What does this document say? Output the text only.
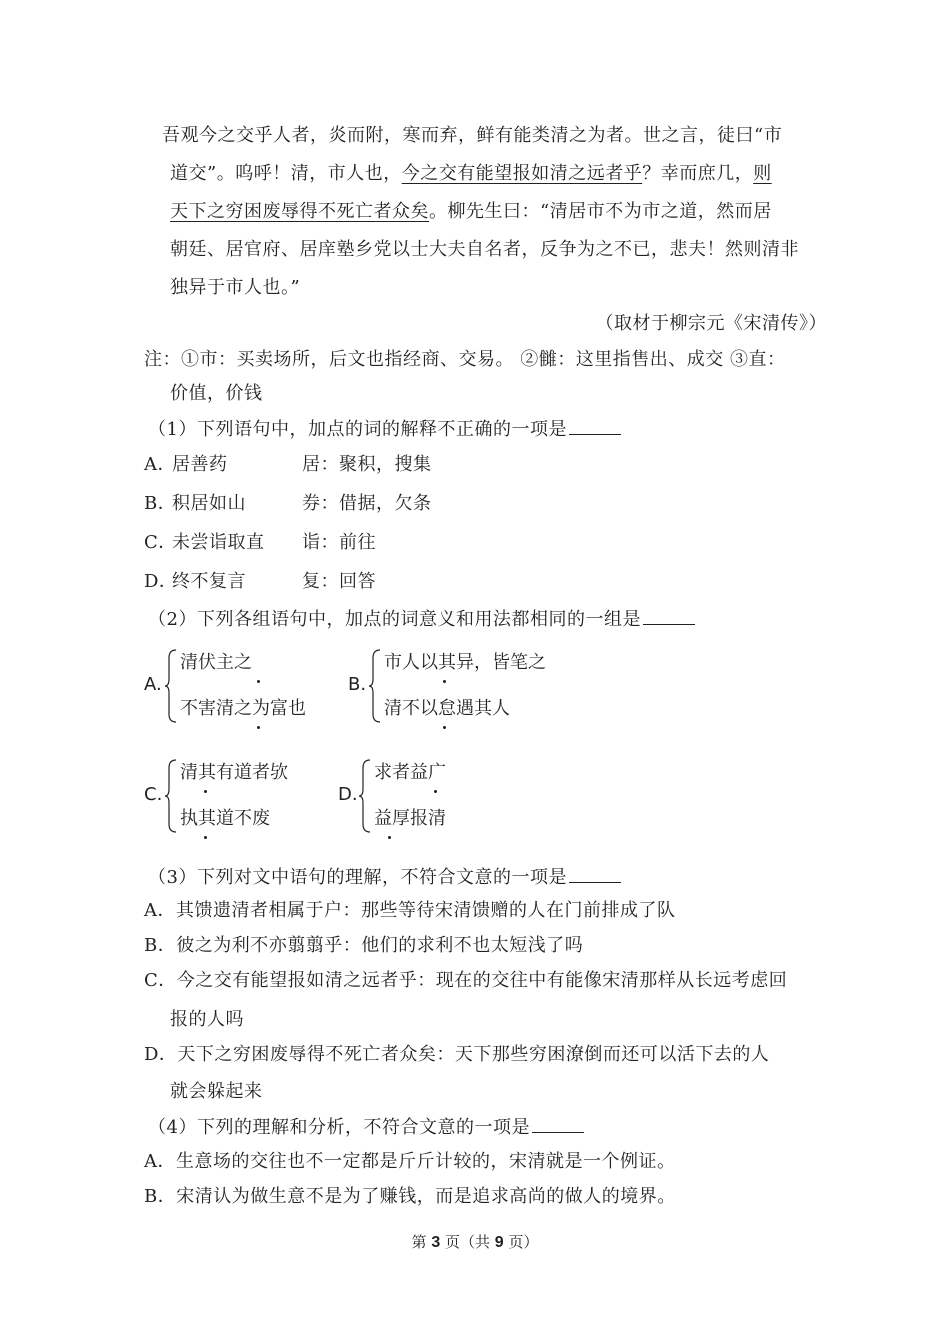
吾观今之交乎人者，炎而附，寒而弃，鲜有能类清之为者。世之言，徒曰“市
道交”。呜呼！清，市人也，今之交有能望报如清之远者乎？幸而庶几，则
天下之穷困废辱得不死亡者众矣。柳先生曰：“清居市不为市之道，然而居
朝廷、居官府、居庠塾乡党以士大夫自名者，反争为之不已，悲夫！然则清非
独异于市人也。”
（取材于柳宗元《宋清传》）
注：①市：买卖场所，后文也指经商、交易。 ②雠：这里指售出、成交 ③直：
价值，价钱
（1）下列语句中，加点的词的解释不正确的一项是
A．居善药	居：聚积，搜集
B．积居如山	券：借据，欠条
C．未尝诣取直 诣：前往
D．终不复言	复：回答
（2）下列各组语句中，加点的词意义和用法都相同的一组是
A.
清伏主之
不害清之为富也
B.
市人以其异，皆笔之
清不以怠遇其人
C.
清其有道者欤
执其道不废
D.
求者益广
益厚报清
（3）下列对文中语句的理解，不符合文意的一项是
A．其馈遗清者相属于户：那些等待宋清馈赠的人在门前排成了队
B．彼之为利不亦翦翦乎：他们的求利不也太短浅了吗
C．今之交有能望报如清之远者乎：现在的交往中有能像宋清那样从长远考虑回
报的人吗
D．天下之穷困废辱得不死亡者众矣：天下那些穷困潦倒而还可以活下去的人
就会躲起来
（4）下列的理解和分析，不符合文意的一项是
A．生意场的交往也不一定都是斤斤计较的，宋清就是一个例证。
B．宋清认为做生意不是为了赚钱，而是追求高尚的做人的境界。
第 3 页（共 9 页）
